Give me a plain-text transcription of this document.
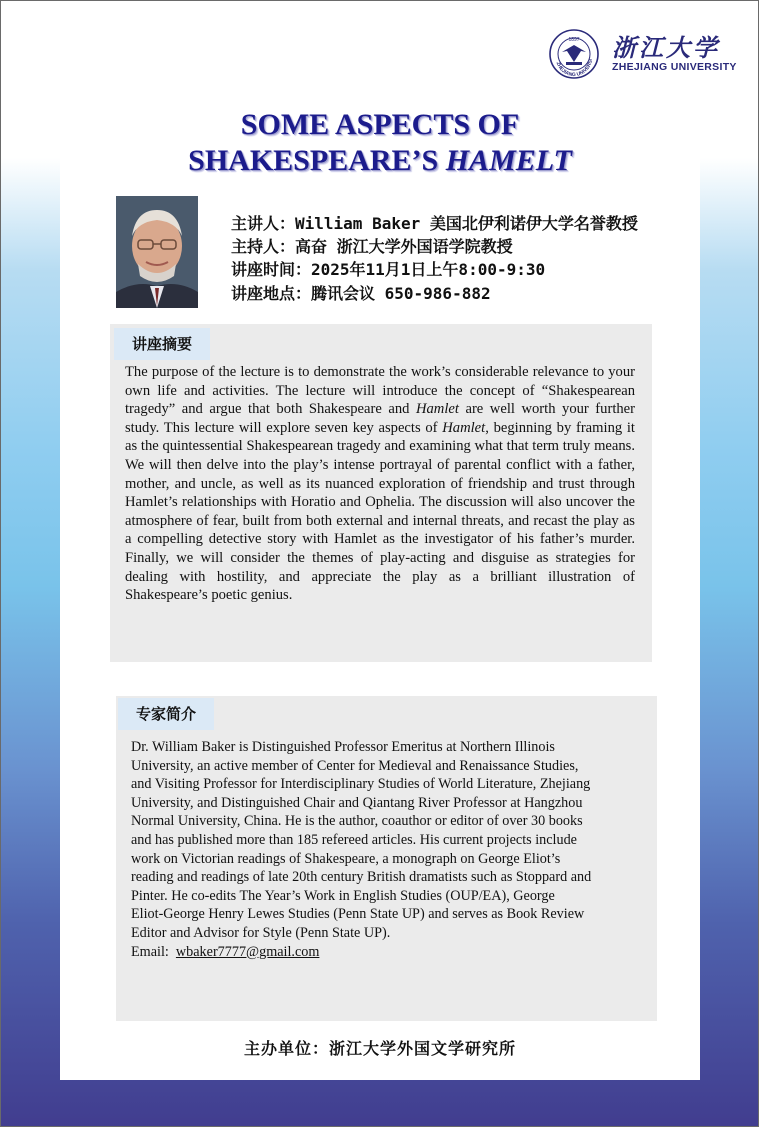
ZHEJIANG UNIVERSI
1897 浙江大学
ZHEJIANG UNIVERSITY
SOME ASPECTS OF
SHAKESPEARE’S HAMELT
主讲人：William Baker 美国北伊利诺伊大学名誉教授
主持人：高奋 浙江大学外国语学院教授
讲座时间：2025年11月1日上午8:00-9:30
讲座地点：腾讯会议 650-986-882
讲座摘要
The purpose of the lecture is to demonstrate the work’s considerable relevance to your own life and activities. The lecture will introduce the concept of “Shakespearean tragedy” and argue that both Shakespeare and Hamlet are well worth your further study. This lecture will explore seven key aspects of Hamlet, beginning by framing it as the quintessential Shakespearean tragedy and examining what that term truly means. We will then delve into the play’s intense portrayal of parental conflict with a father, mother, and uncle, as well as its nuanced exploration of friendship and trust through Hamlet’s relationships with Horatio and Ophelia. The discussion will also uncover the atmosphere of fear, built from both external and internal threats, and recast the play as a compelling detective story with Hamlet as the investigator of his father’s murder. Finally, we will consider the themes of play-acting and disguise as strategies for dealing with hostility, and appreciate the play as a brilliant illustration of Shakespeare’s poetic genius.
专家简介
Dr. William Baker is Distinguished Professor Emeritus at Northern Illinois
University, an active member of Center for Medieval and Renaissance Studies,
and Visiting Professor for Interdisciplinary Studies of World Literature, Zhejiang
University, and Distinguished Chair and Qiantang River Professor at Hangzhou
Normal University, China. He is the author, coauthor or editor of over 30 books
and has published more than 185 refereed articles. His current projects include
work on Victorian readings of Shakespeare, a monograph on George Eliot’s
reading and readings of late 20th century British dramatists such as Stoppard and
Pinter. He co-edits The Year’s Work in English Studies (OUP/EA), George
Eliot-George Henry Lewes Studies (Penn State UP) and serves as Book Review
Editor and Advisor for Style (Penn State UP).
Email:  wbaker7777@gmail.com
主办单位：浙江大学外国文学研究所
